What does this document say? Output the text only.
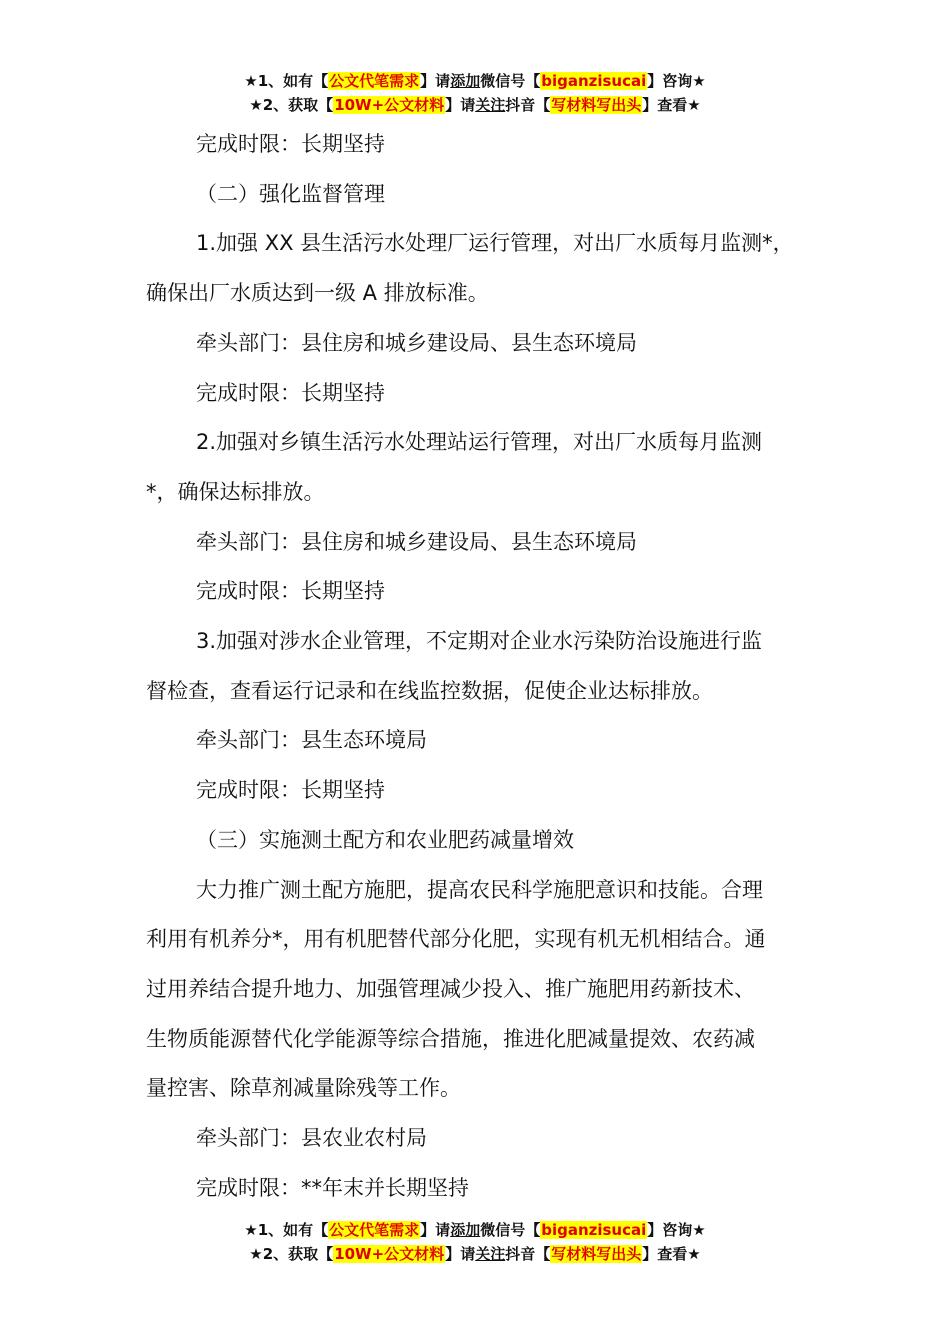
★1、如有【公文代笔需求】请添加微信号【biganzisucai】咨询★
★2、获取【10W+公文材料】请关注抖音【写材料写出头】查看★

完成时限：长期坚持

（二）强化监督管理

1.加强 XX 县生活污水处理厂运行管理，对出厂水质每月监测*，

确保出厂水质达到一级 A 排放标准。

牵头部门：县住房和城乡建设局、县生态环境局

完成时限：长期坚持

2.加强对乡镇生活污水处理站运行管理，对出厂水质每月监测

*，确保达标排放。

牵头部门：县住房和城乡建设局、县生态环境局

完成时限：长期坚持

3.加强对涉水企业管理，不定期对企业水污染防治设施进行监

督检查，查看运行记录和在线监控数据，促使企业达标排放。

牵头部门：县生态环境局

完成时限：长期坚持

（三）实施测土配方和农业肥药减量增效

大力推广测土配方施肥，提高农民科学施肥意识和技能。合理

利用有机养分*，用有机肥替代部分化肥，实现有机无机相结合。通

过用养结合提升地力、加强管理减少投入、推广施肥用药新技术、

生物质能源替代化学能源等综合措施，推进化肥减量提效、农药减

量控害、除草剂减量除残等工作。

牵头部门：县农业农村局

完成时限：**年末并长期坚持

★1、如有【公文代笔需求】请添加微信号【biganzisucai】咨询★
★2、获取【10W+公文材料】请关注抖音【写材料写出头】查看★
